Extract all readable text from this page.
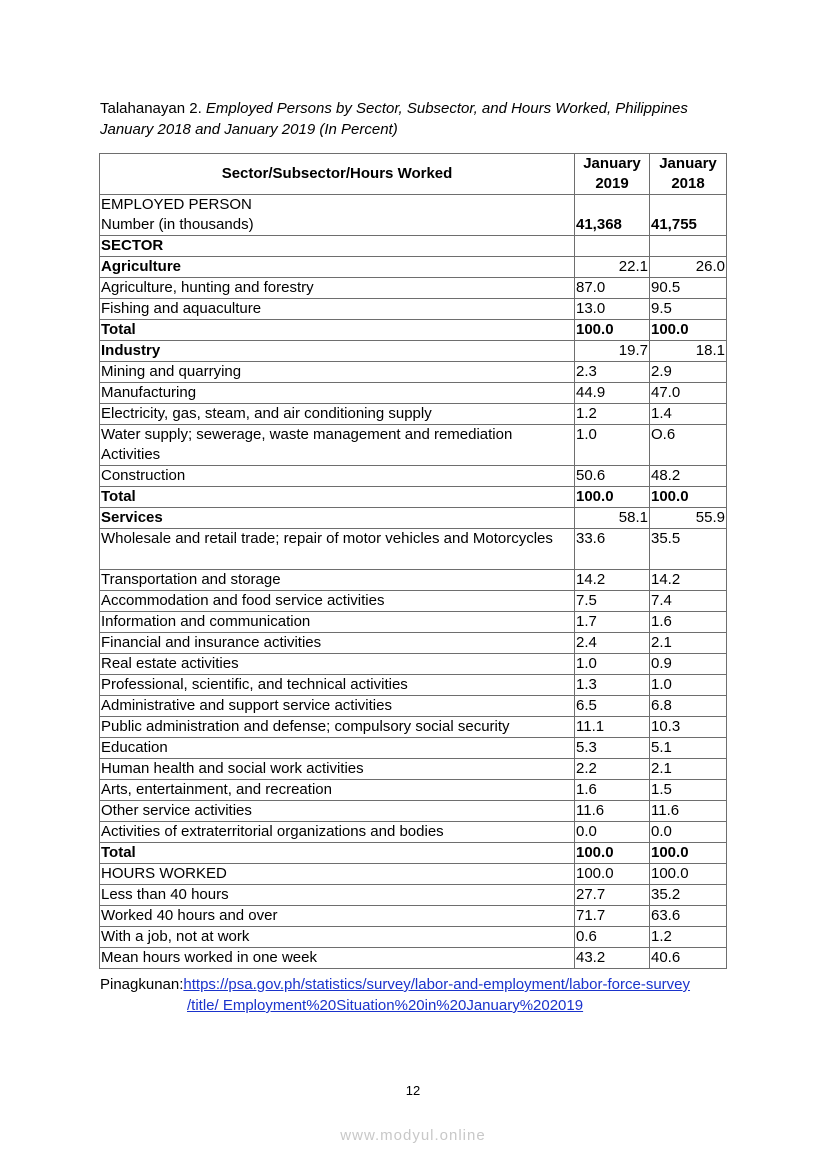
Talahanayan 2. Employed Persons by Sector, Subsector, and Hours Worked, Philippines
January 2018 and January 2019 (In Percent)
Sector/Subsector/Hours Worked	January 2019	January 2018
EMPLOYED PERSON
Number (in thousands)	41,368	41,755
SECTOR		
Agriculture	22.1	26.0
Agriculture, hunting and forestry	87.0	90.5
Fishing and aquaculture	13.0	9.5
Total	100.0	100.0
Industry	19.7	18.1
Mining and quarrying	2.3	2.9
Manufacturing	44.9	47.0
Electricity, gas, steam, and air conditioning supply	1.2	1.4
Water supply; sewerage, waste management and remediation Activities	1.0	O.6
Construction	50.6	48.2
Total	100.0	100.0
Services	58.1	55.9
Wholesale and retail trade; repair of motor vehicles and Motorcycles	33.6	35.5
Transportation and storage	14.2	14.2
Accommodation and food service activities	7.5	7.4
Information and communication	1.7	1.6
Financial and insurance activities	2.4	2.1
Real estate activities	1.0	0.9
Professional, scientific, and technical activities	1.3	1.0
Administrative and support service activities	6.5	6.8
Public administration and defense; compulsory social security	11.1	10.3
Education	5.3	5.1
Human health and social work activities	2.2	2.1
Arts, entertainment, and recreation	1.6	1.5
Other service activities	11.6	11.6
Activities of extraterritorial organizations and bodies	0.0	0.0
Total	100.0	100.0
HOURS WORKED	100.0	100.0
Less than 40 hours	27.7	35.2
Worked 40 hours and over	71.7	63.6
With a job, not at work	0.6	1.2
Mean hours worked in one week	43.2	40.6
Pinagkunan:https://psa.gov.ph/statistics/survey/labor-and-employment/labor-force-survey
/title/ Employment%20Situation%20in%20January%202019
12
www.modyul.online
